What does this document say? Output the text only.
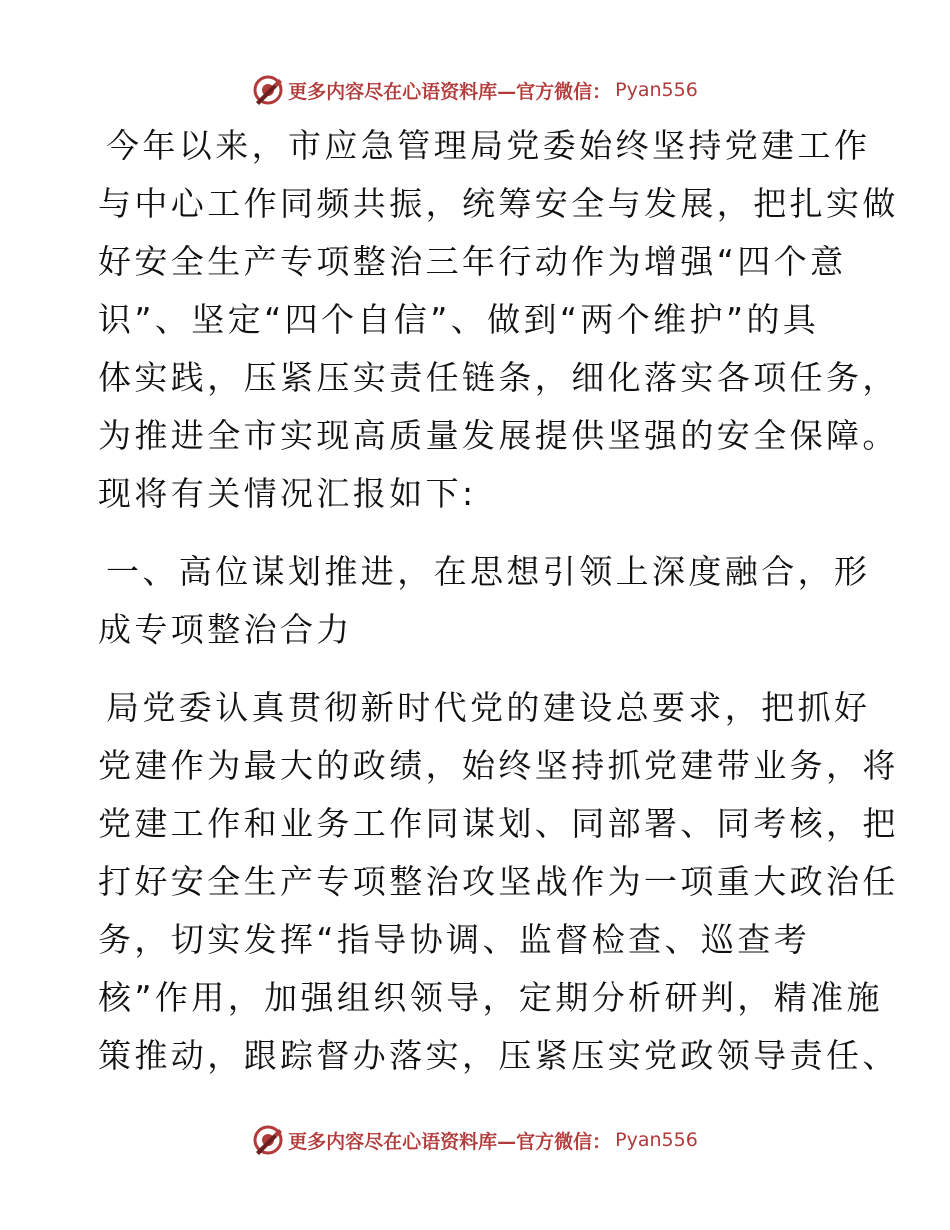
更多内容尽在心语资料库—官方微信： Pyan556
今年以来，市应急管理局党委始终坚持党建工作
与中心工作同频共振，统筹安全与发展，把扎实做
好安全生产专项整治三年行动作为增强“四个意
识”、坚定“四个自信”、做到“两个维护”的具
体实践，压紧压实责任链条，细化落实各项任务，
为推进全市实现高质量发展提供坚强的安全保障。
现将有关情况汇报如下:
一、高位谋划推进，在思想引领上深度融合，形
成专项整治合力
局党委认真贯彻新时代党的建设总要求，把抓好
党建作为最大的政绩，始终坚持抓党建带业务，将
党建工作和业务工作同谋划、同部署、同考核，把
打好安全生产专项整治攻坚战作为一项重大政治任
务，切实发挥“指导协调、监督检查、巡查考
核”作用，加强组织领导，定期分析研判，精准施
策推动，跟踪督办落实，压紧压实党政领导责任、
更多内容尽在心语资料库—官方微信： Pyan556
